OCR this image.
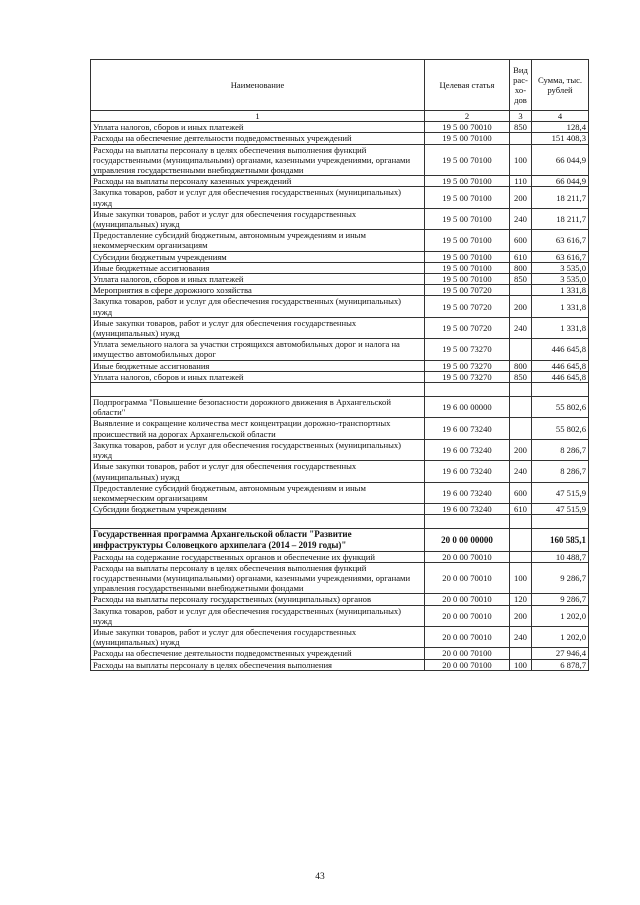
Наименование	Целевая статья	Вид рас-хо-дов	Сумма, тыс. рублей
1	2	3	4
Уплата налогов, сборов и иных платежей	19 5 00 70010	850	128,4
Расходы на обеспечение деятельности подведомственных учреждений	19 5 00 70100		151 408,3
Расходы на выплаты персоналу в целях обеспечения выполнения функций государственными (муниципальными) органами, казенными учреждениями, органами управления государственными внебюджетными фондами	19 5 00 70100	100	66 044,9
Расходы на выплаты персоналу казенных учреждений	19 5 00 70100	110	66 044,9
Закупка товаров, работ и услуг для обеспечения государственных (муниципальных) нужд	19 5 00 70100	200	18 211,7
Иные закупки товаров, работ и услуг для обеспечения государственных (муниципальных) нужд	19 5 00 70100	240	18 211,7
Предоставление субсидий бюджетным, автономным учреждениям и иным некоммерческим организациям	19 5 00 70100	600	63 616,7
Субсидии бюджетным учреждениям	19 5 00 70100	610	63 616,7
Иные бюджетные ассигнования	19 5 00 70100	800	3 535,0
Уплата налогов, сборов и иных платежей	19 5 00 70100	850	3 535,0
Мероприятия в сфере дорожного хозяйства	19 5 00 70720		1 331,8
Закупка товаров, работ и услуг для обеспечения государственных (муниципальных) нужд	19 5 00 70720	200	1 331,8
Иные закупки товаров, работ и услуг для обеспечения государственных (муниципальных) нужд	19 5 00 70720	240	1 331,8
Уплата земельного налога за участки строящихся автомобильных дорог и налога на имущество автомобильных дорог	19 5 00 73270		446 645,8
Иные бюджетные ассигнования	19 5 00 73270	800	446 645,8
Уплата налогов, сборов и иных платежей	19 5 00 73270	850	446 645,8

Подпрограмма "Повышение безопасности дорожного движения в Архангельской области"	19 6 00 00000		55 802,6
Выявление и сокращение количества мест концентрации дорожно-транспортных происшествий на дорогах Архангельской области	19 6 00 73240		55 802,6
Закупка товаров, работ и услуг для обеспечения государственных (муниципальных) нужд	19 6 00 73240	200	8 286,7
Иные закупки товаров, работ и услуг для обеспечения государственных (муниципальных) нужд	19 6 00 73240	240	8 286,7
Предоставление субсидий бюджетным, автономным учреждениям и иным некоммерческим организациям	19 6 00 73240	600	47 515,9
Субсидии бюджетным учреждениям	19 6 00 73240	610	47 515,9

Государственная программа Архангельской области "Развитие инфраструктуры Соловецкого архипелага (2014 – 2019 годы)"	20 0 00 00000		160 585,1
Расходы на содержание государственных органов и обеспечение их функций	20 0 00 70010		10 488,7
Расходы на выплаты персоналу в целях обеспечения выполнения функций государственными (муниципальными) органами, казенными учреждениями, органами управления государственными внебюджетными фондами	20 0 00 70010	100	9 286,7
Расходы на выплаты персоналу государственных (муниципальных) органов	20 0 00 70010	120	9 286,7
Закупка товаров, работ и услуг для обеспечения государственных (муниципальных) нужд	20 0 00 70010	200	1 202,0
Иные закупки товаров, работ и услуг для обеспечения государственных (муниципальных) нужд	20 0 00 70010	240	1 202,0
Расходы на обеспечение деятельности подведомственных учреждений	20 0 00 70100		27 946,4
Расходы на выплаты персоналу в целях обеспечения выполнения	20 0 00 70100	100	6 878,7
43
